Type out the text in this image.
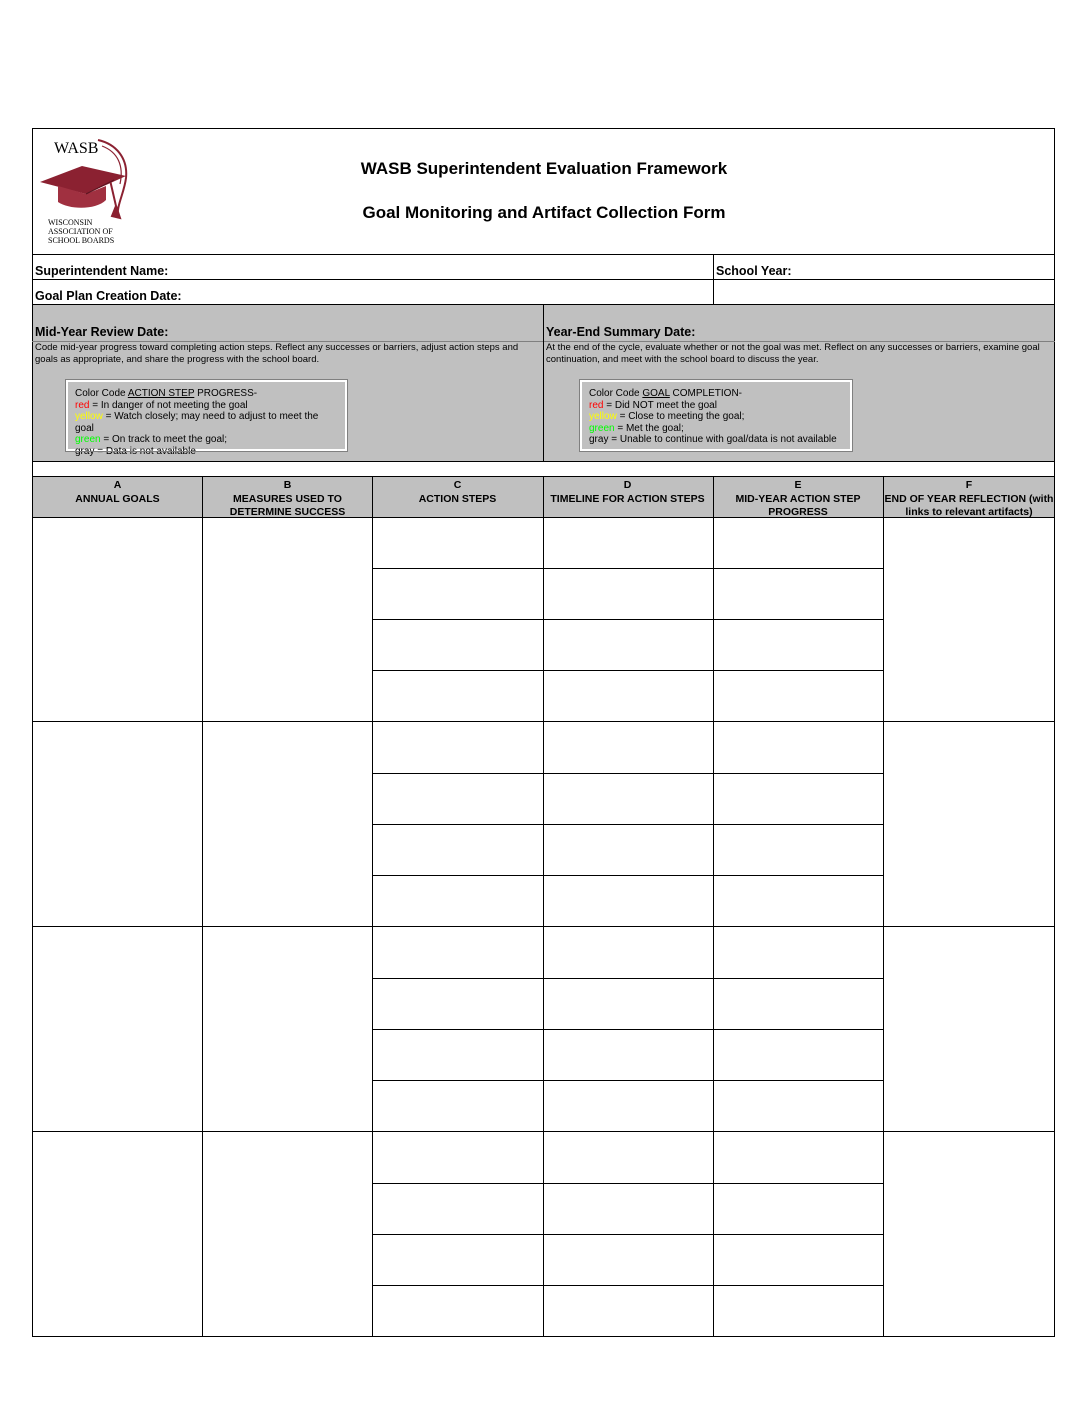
WASB
WISCONSIN
ASSOCIATION OF
SCHOOL BOARDS
WASB Superintendent Evaluation Framework
Goal Monitoring and Artifact Collection Form
Superintendent Name:	School Year:
Goal Plan Creation Date:
Mid-Year Review Date:	Year-End Summary Date:
Code mid-year progress toward completing action steps. Reflect any successes or barriers, adjust action steps and goals as appropriate, and share the progress with the school board.
At the end of the cycle, evaluate whether or not the goal was met. Reflect on any successes or barriers, examine goal continuation, and meet with the school board to discuss the year.
Color Code ACTION STEP PROGRESS-
red = In danger of not meeting the goal
yellow = Watch closely; may need to adjust to meet the goal
green = On track to meet the goal;
gray = Data is not available
Color Code GOAL COMPLETION-
red = Did NOT meet the goal
yellow = Close to meeting the goal;
green = Met the goal;
gray = Unable to continue with goal/data is not available
A
ANNUAL GOALS
B
MEASURES USED TO DETERMINE SUCCESS
C
ACTION STEPS
D
TIMELINE FOR ACTION STEPS
E
MID-YEAR ACTION STEP PROGRESS
F
END OF YEAR REFLECTION (with links to relevant artifacts)
